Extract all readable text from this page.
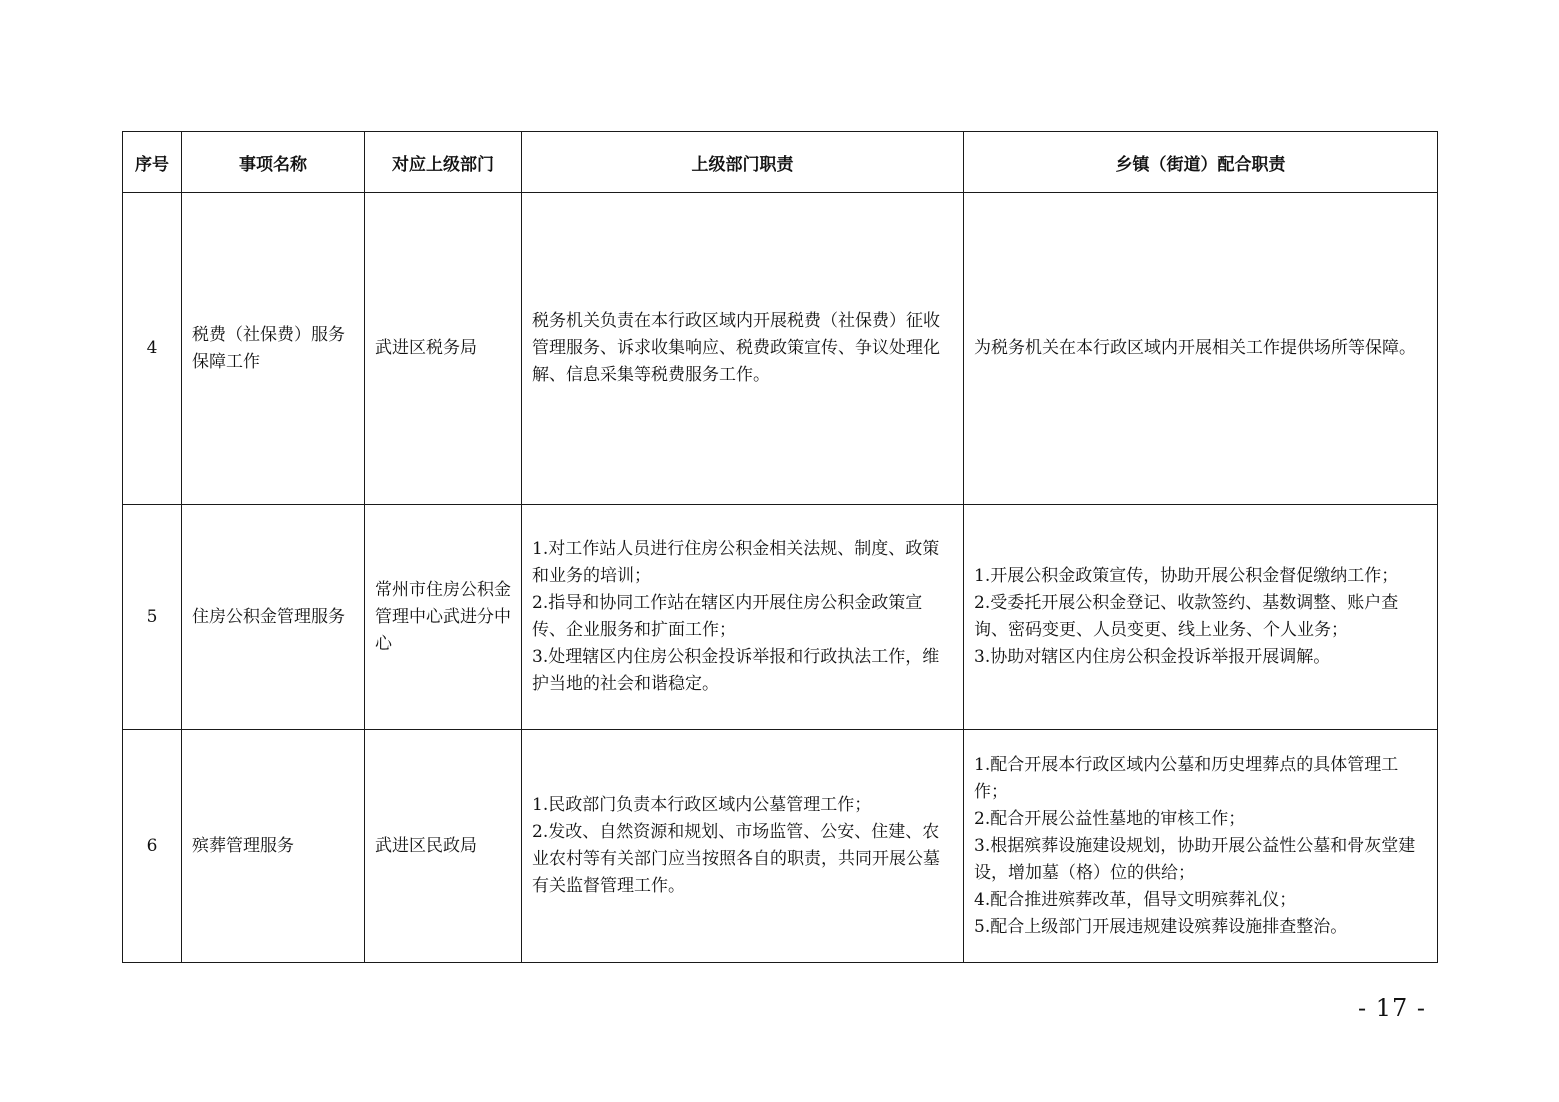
序号	事项名称	对应上级部门	上级部门职责	乡镇（街道）配合职责
4	税费（社保费）服务保障工作	武进区税务局	税务机关负责在本行政区域内开展税费（社保费）征收管理服务、诉求收集响应、税费政策宣传、争议处理化解、信息采集等税费服务工作。	为税务机关在本行政区域内开展相关工作提供场所等保障。

5	住房公积金管理服务	常州市住房公积金管理中心武进分中心	1.对工作站人员进行住房公积金相关法规、制度、政策和业务的培训；
2.指导和协同工作站在辖区内开展住房公积金政策宣传、企业服务和扩面工作；
3.处理辖区内住房公积金投诉举报和行政执法工作，维护当地的社会和谐稳定。	1.开展公积金政策宣传，协助开展公积金督促缴纳工作；
2.受委托开展公积金登记、收款签约、基数调整、账户查询、密码变更、人员变更、线上业务、个人业务；
3.协助对辖区内住房公积金投诉举报开展调解。

6	殡葬管理服务	武进区民政局	1.民政部门负责本行政区域内公墓管理工作；
2.发改、自然资源和规划、市场监管、公安、住建、农业农村等有关部门应当按照各自的职责，共同开展公墓有关监督管理工作。	1.配合开展本行政区域内公墓和历史埋葬点的具体管理工作；
2.配合开展公益性墓地的审核工作；
3.根据殡葬设施建设规划，协助开展公益性公墓和骨灰堂建设，增加墓（格）位的供给；
4.配合推进殡葬改革，倡导文明殡葬礼仪；
5.配合上级部门开展违规建设殡葬设施排查整治。
- 17 -
